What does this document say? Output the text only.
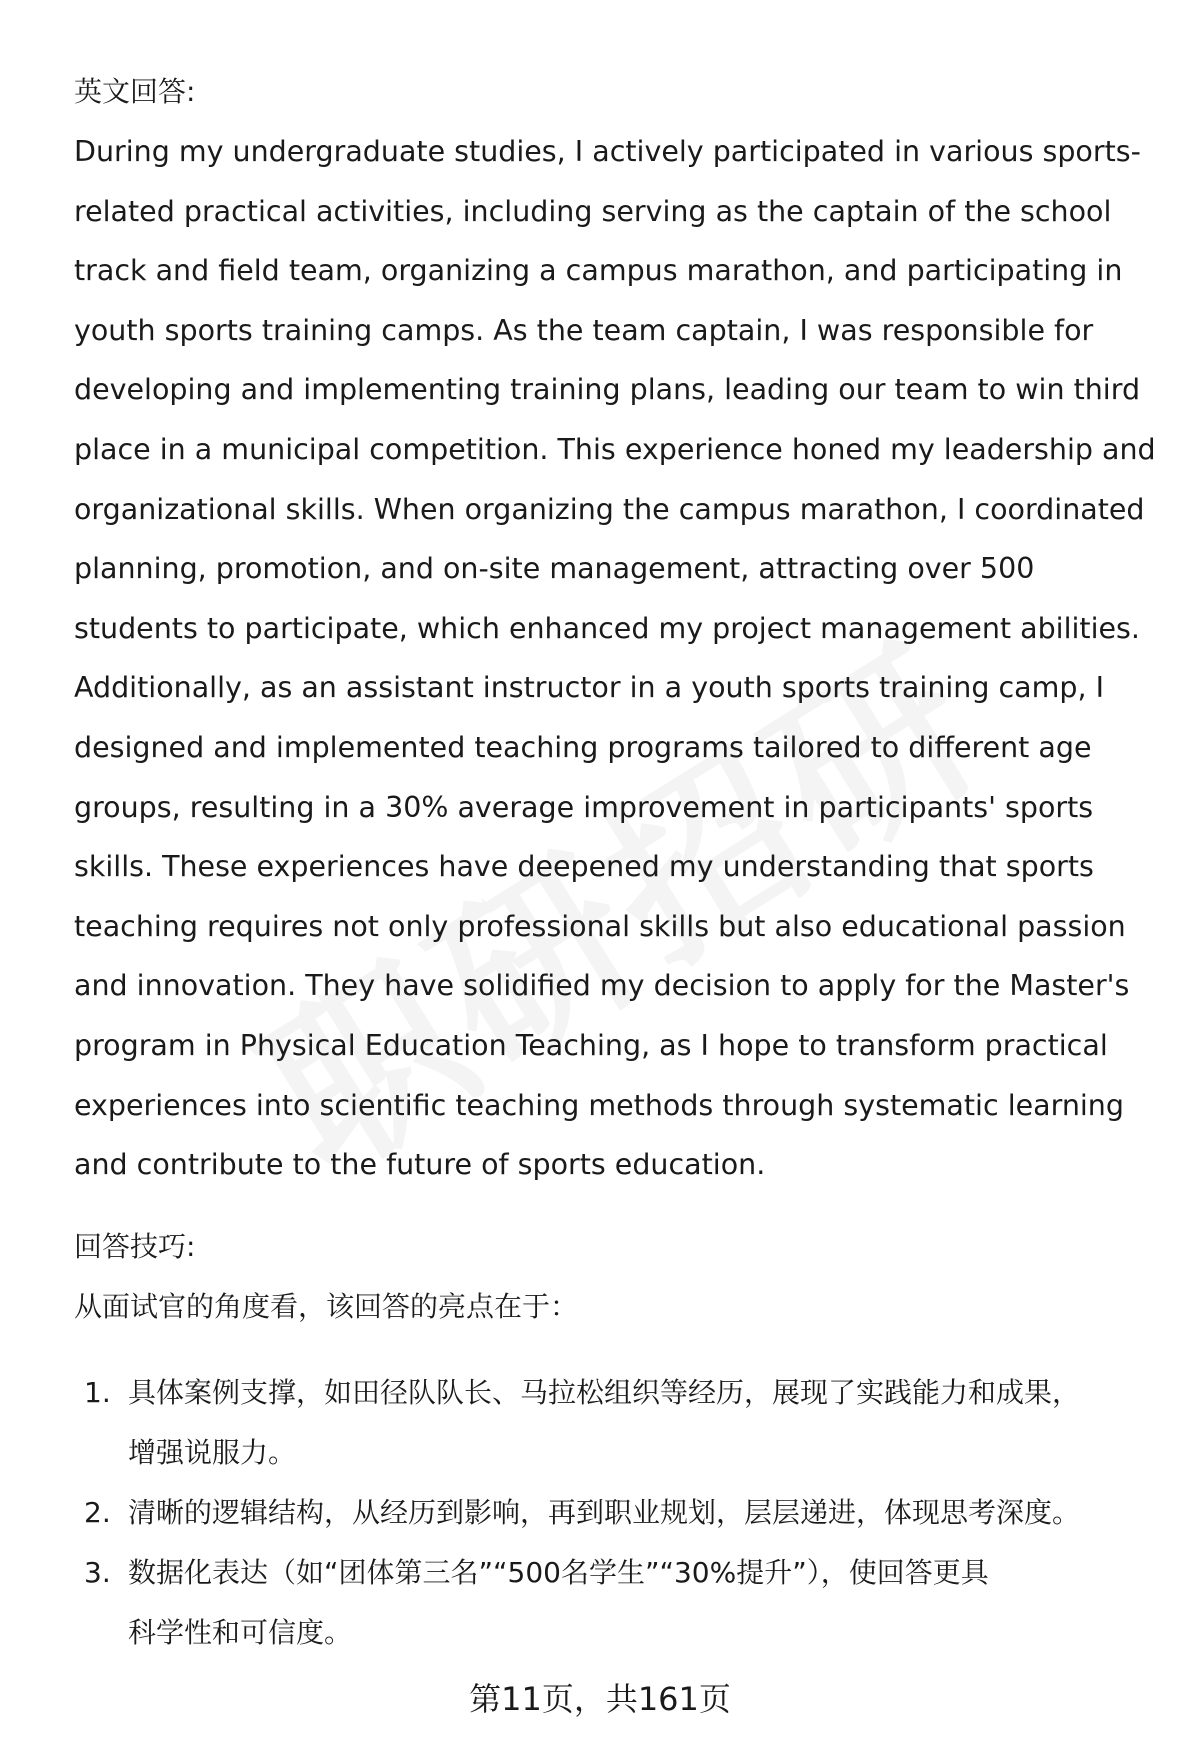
英文回答:

During my undergraduate studies, I actively participated in various sports-
related practical activities, including serving as the captain of the school
track and field team, organizing a campus marathon, and participating in
youth sports training camps. As the team captain, I was responsible for
developing and implementing training plans, leading our team to win third
place in a municipal competition. This experience honed my leadership and
organizational skills. When organizing the campus marathon, I coordinated
planning, promotion, and on-site management, attracting over 500
students to participate, which enhanced my project management abilities.
Additionally, as an assistant instructor in a youth sports training camp, I
designed and implemented teaching programs tailored to different age
groups, resulting in a 30% average improvement in participants' sports
skills. These experiences have deepened my understanding that sports
teaching requires not only professional skills but also educational passion
and innovation. They have solidified my decision to apply for the Master's
program in Physical Education Teaching, as I hope to transform practical
experiences into scientific teaching methods through systematic learning
and contribute to the future of sports education.

回答技巧:

从面试官的角度看，该回答的亮点在于：

1. 具体案例支撑，如田径队队长、马拉松组织等经历，展现了实践能力和成果，
增强说服力。
2. 清晰的逻辑结构，从经历到影响，再到职业规划，层层递进，体现思考深度。
3. 数据化表达（如“团体第三名”“500名学生”“30%提升”），使回答更具
科学性和可信度。
第11页，共161页
